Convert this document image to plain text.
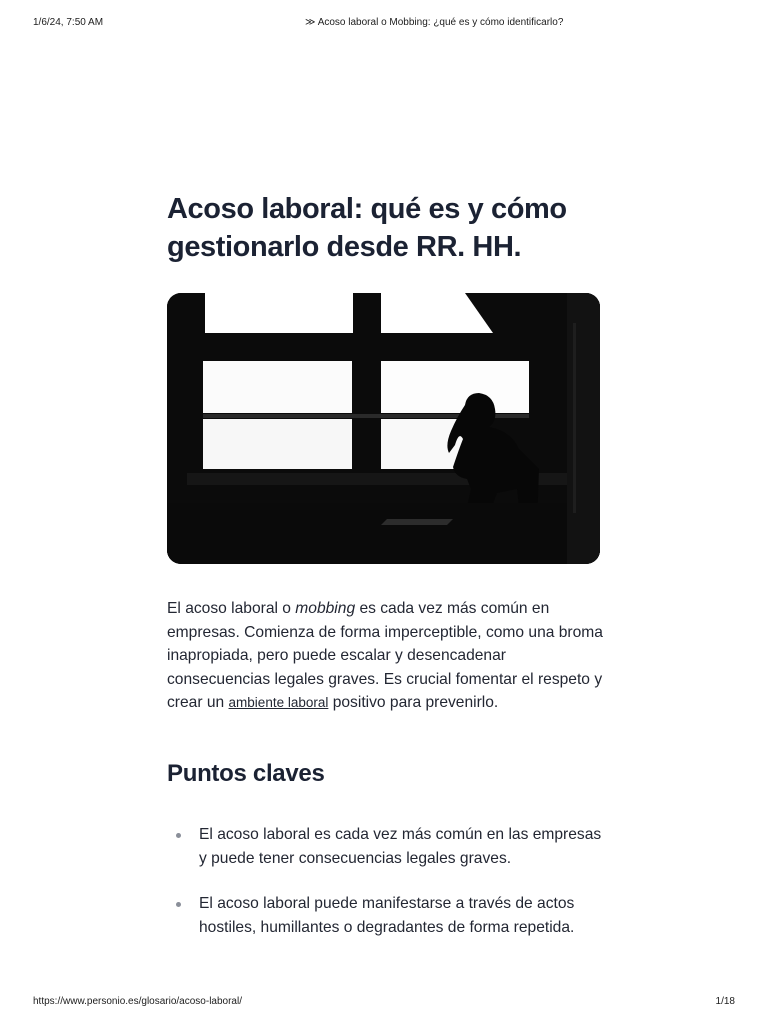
1/6/24, 7:50 AM	≫ Acoso laboral o Mobbing: ¿qué es y cómo identificarlo?
Acoso laboral: qué es y cómo gestionarlo desde RR. HH.

El acoso laboral o mobbing es cada vez más común en empresas. Comienza de forma imperceptible, como una broma inapropiada, pero puede escalar y desencadenar consecuencias legales graves. Es crucial fomentar el respeto y crear un ambiente laboral positivo para prevenirlo.

Puntos claves
El acoso laboral es cada vez más común en las empresas y puede tener consecuencias legales graves.
El acoso laboral puede manifestarse a través de actos hostiles, humillantes o degradantes de forma repetida.
https://www.personio.es/glosario/acoso-laboral/	1/18
